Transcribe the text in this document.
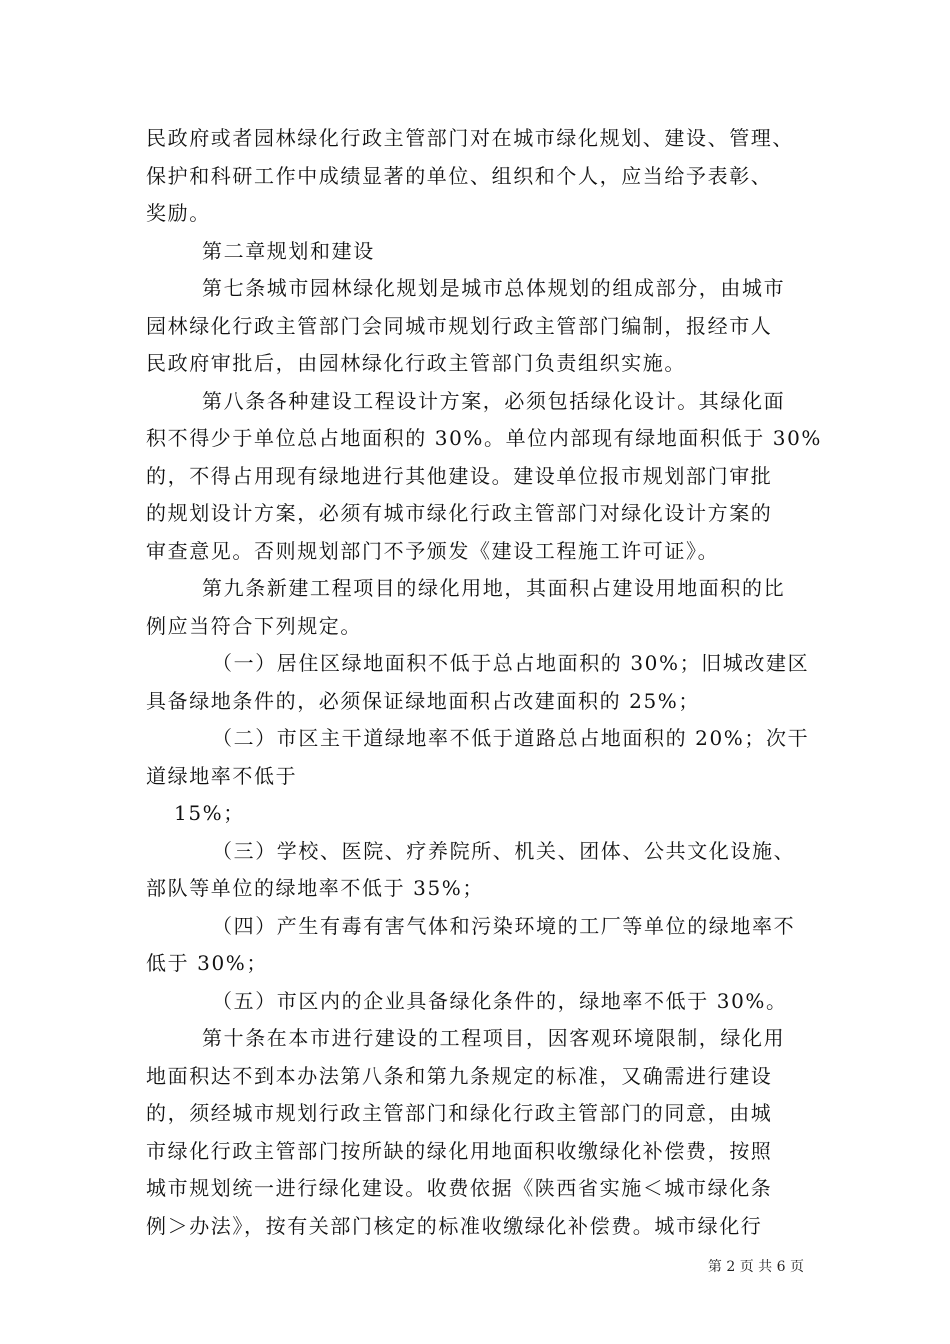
民政府或者园林绿化行政主管部门对在城市绿化规划、建设、管理、
保护和科研工作中成绩显著的单位、组织和个人，应当给予表彰、
奖励。
第二章规划和建设
第七条城市园林绿化规划是城市总体规划的组成部分，由城市
园林绿化行政主管部门会同城市规划行政主管部门编制，报经市人
民政府审批后，由园林绿化行政主管部门负责组织实施。
第八条各种建设工程设计方案，必须包括绿化设计。其绿化面
积不得少于单位总占地面积的 30%。单位内部现有绿地面积低于 30%
的，不得占用现有绿地进行其他建设。建设单位报市规划部门审批
的规划设计方案，必须有城市绿化行政主管部门对绿化设计方案的
审查意见。否则规划部门不予颁发《建设工程施工许可证》。
第九条新建工程项目的绿化用地，其面积占建设用地面积的比
例应当符合下列规定。
（一）居住区绿地面积不低于总占地面积的 30%；旧城改建区
具备绿地条件的，必须保证绿地面积占改建面积的 25%；
（二）市区主干道绿地率不低于道路总占地面积的 20%；次干
道绿地率不低于
15%；
（三）学校、医院、疗养院所、机关、团体、公共文化设施、
部队等单位的绿地率不低于 35%；
（四）产生有毒有害气体和污染环境的工厂等单位的绿地率不
低于 30%；
（五）市区内的企业具备绿化条件的，绿地率不低于 30%。
第十条在本市进行建设的工程项目，因客观环境限制，绿化用
地面积达不到本办法第八条和第九条规定的标准，又确需进行建设
的，须经城市规划行政主管部门和绿化行政主管部门的同意，由城
市绿化行政主管部门按所缺的绿化用地面积收缴绿化补偿费，按照
城市规划统一进行绿化建设。收费依据《陕西省实施＜城市绿化条
例＞办法》，按有关部门核定的标准收缴绿化补偿费。城市绿化行
第 2 页 共 6 页
